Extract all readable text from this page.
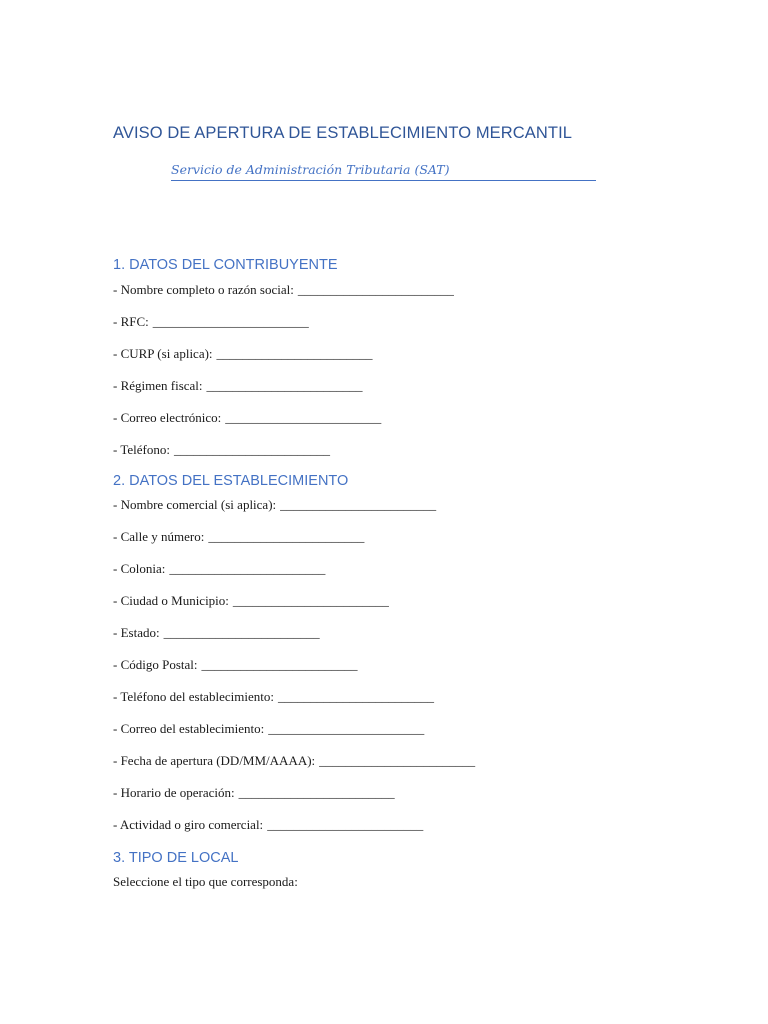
AVISO DE APERTURA DE ESTABLECIMIENTO MERCANTIL
Servicio de Administración Tributaria (SAT)
1. DATOS DEL CONTRIBUYENTE
- Nombre completo o razón social: ________________________
- RFC: ________________________
- CURP (si aplica): ________________________
- Régimen fiscal: ________________________
- Correo electrónico: ________________________
- Teléfono: ________________________
2. DATOS DEL ESTABLECIMIENTO
- Nombre comercial (si aplica): ________________________
- Calle y número: ________________________
- Colonia: ________________________
- Ciudad o Municipio: ________________________
- Estado: ________________________
- Código Postal: ________________________
- Teléfono del establecimiento: ________________________
- Correo del establecimiento: ________________________
- Fecha de apertura (DD/MM/AAAA): ________________________
- Horario de operación: ________________________
- Actividad o giro comercial: ________________________
3. TIPO DE LOCAL
Seleccione el tipo que corresponda:
